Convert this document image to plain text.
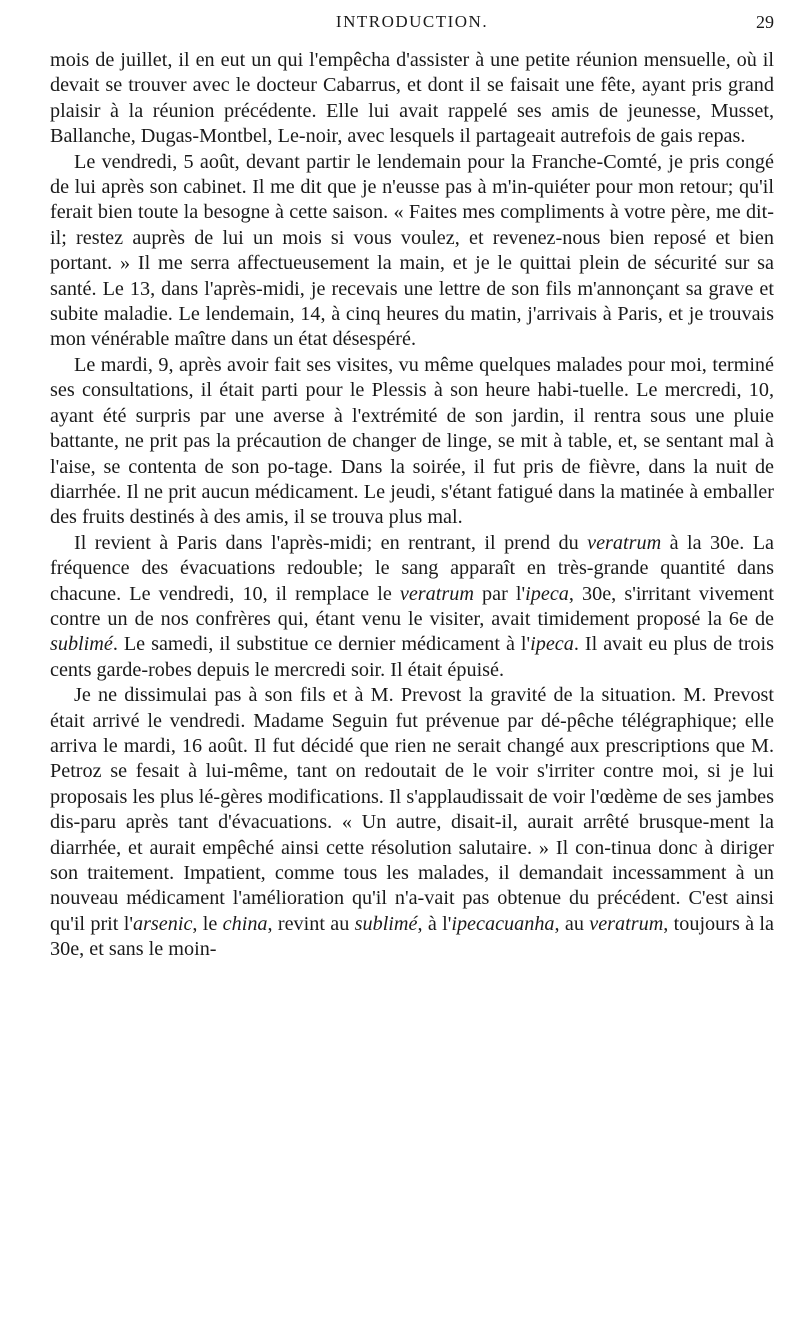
INTRODUCTION.	29

mois de juillet, il en eut un qui l'empêcha d'assister à une petite réunion mensuelle, où il devait se trouver avec le docteur Cabarrus, et dont il se faisait une fête, ayant pris grand plaisir à la réunion précédente. Elle lui avait rappelé ses amis de jeunesse, Musset, Ballanche, Dugas-Montbel, Le-noir, avec lesquels il partageait autrefois de gais repas.

Le vendredi, 5 août, devant partir le lendemain pour la Franche-Comté, je pris congé de lui après son cabinet. Il me dit que je n'eusse pas à m'in-quiéter pour mon retour; qu'il ferait bien toute la besogne à cette saison. « Faites mes compliments à votre père, me dit-il; restez auprès de lui un mois si vous voulez, et revenez-nous bien reposé et bien portant. » Il me serra affectueusement la main, et je le quittai plein de sécurité sur sa santé. Le 13, dans l'après-midi, je recevais une lettre de son fils m'annonçant sa grave et subite maladie. Le lendemain, 14, à cinq heures du matin, j'arrivais à Paris, et je trouvais mon vénérable maître dans un état désespéré.

Le mardi, 9, après avoir fait ses visites, vu même quelques malades pour moi, terminé ses consultations, il était parti pour le Plessis à son heure habi-tuelle. Le mercredi, 10, ayant été surpris par une averse à l'extrémité de son jardin, il rentra sous une pluie battante, ne prit pas la précaution de changer de linge, se mit à table, et, se sentant mal à l'aise, se contenta de son po-tage. Dans la soirée, il fut pris de fièvre, dans la nuit de diarrhée. Il ne prit aucun médicament. Le jeudi, s'étant fatigué dans la matinée à emballer des fruits destinés à des amis, il se trouva plus mal.

Il revient à Paris dans l'après-midi; en rentrant, il prend du veratrum à la 30e. La fréquence des évacuations redouble; le sang apparaît en très-grande quantité dans chacune. Le vendredi, 10, il remplace le veratrum par l'ipeca, 30e, s'irritant vivement contre un de nos confrères qui, étant venu le visiter, avait timidement proposé la 6e de sublimé. Le samedi, il substitue ce dernier médicament à l'ipeca. Il avait eu plus de trois cents garde-robes depuis le mercredi soir. Il était épuisé.

Je ne dissimulai pas à son fils et à M. Prevost la gravité de la situation. M. Prevost était arrivé le vendredi. Madame Seguin fut prévenue par dé-pêche télégraphique; elle arriva le mardi, 16 août. Il fut décidé que rien ne serait changé aux prescriptions que M. Petroz se fesait à lui-même, tant on redoutait de le voir s'irriter contre moi, si je lui proposais les plus lé-gères modifications. Il s'applaudissait de voir l'œdème de ses jambes dis-paru après tant d'évacuations. « Un autre, disait-il, aurait arrêté brusque-ment la diarrhée, et aurait empêché ainsi cette résolution salutaire. » Il con-tinua donc à diriger son traitement. Impatient, comme tous les malades, il demandait incessamment à un nouveau médicament l'amélioration qu'il n'a-vait pas obtenue du précédent. C'est ainsi qu'il prit l'arsenic, le china, revint au sublimé, à l'ipecacuanha, au veratrum, toujours à la 30e, et sans le moin-
